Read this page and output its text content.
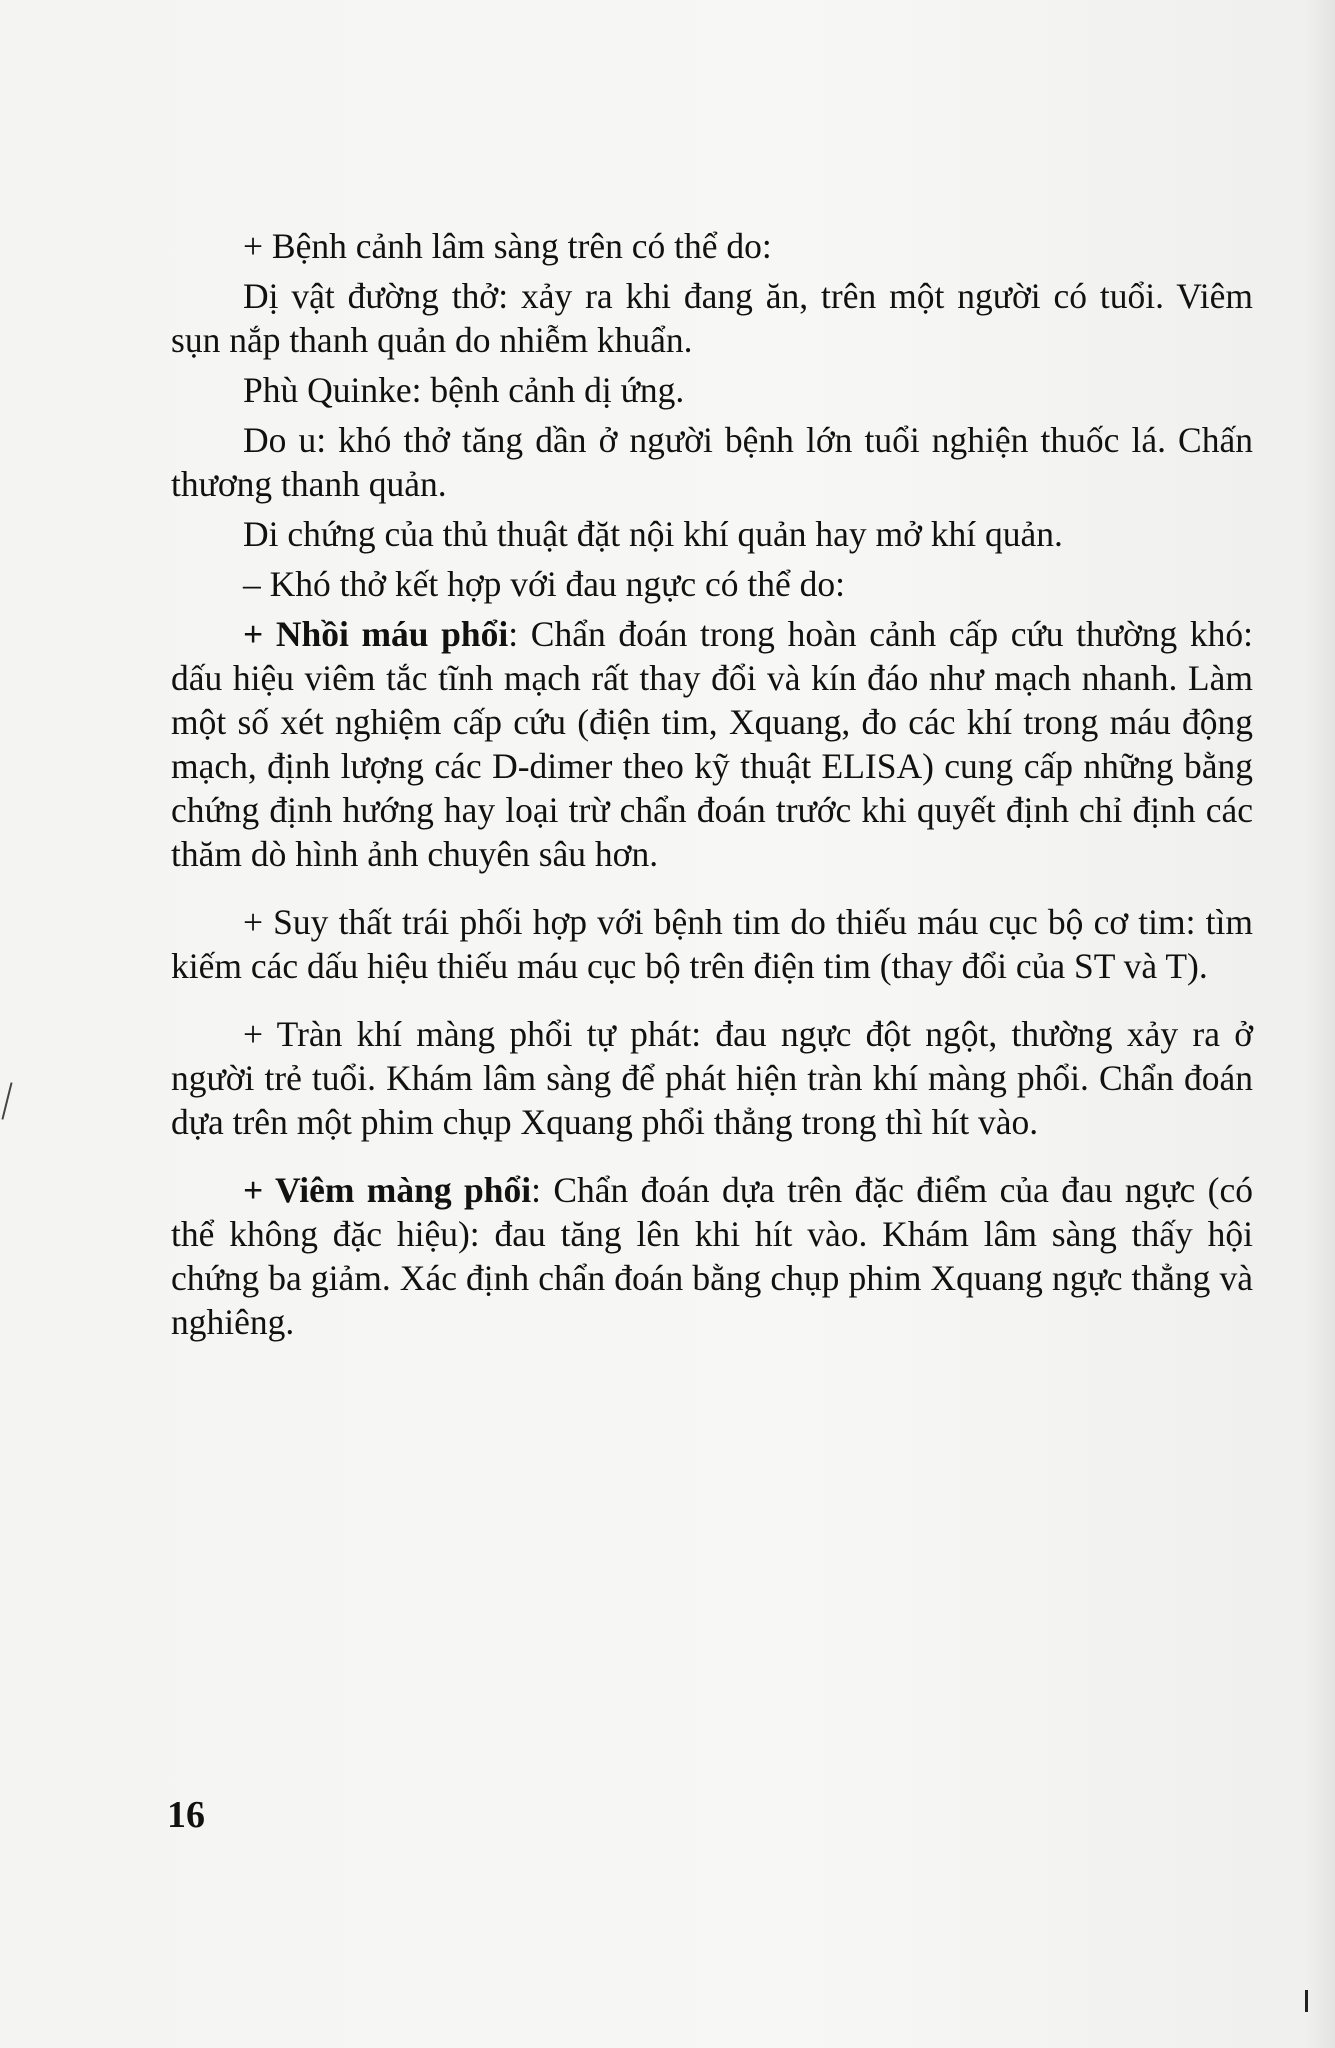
+ Bệnh cảnh lâm sàng trên có thể do:

Dị vật đường thở: xảy ra khi đang ăn, trên một người có tuổi. Viêm sụn nắp thanh quản do nhiễm khuẩn.

Phù Quinke: bệnh cảnh dị ứng.

Do u: khó thở tăng dần ở người bệnh lớn tuổi nghiện thuốc lá. Chấn thương thanh quản.

Di chứng của thủ thuật đặt nội khí quản hay mở khí quản.

– Khó thở kết hợp với đau ngực có thể do:

+ Nhồi máu phổi: Chẩn đoán trong hoàn cảnh cấp cứu thường khó: dấu hiệu viêm tắc tĩnh mạch rất thay đổi và kín đáo như mạch nhanh. Làm một số xét nghiệm cấp cứu (điện tim, Xquang, đo các khí trong máu động mạch, định lượng các D-dimer theo kỹ thuật ELISA) cung cấp những bằng chứng định hướng hay loại trừ chẩn đoán trước khi quyết định chỉ định các thăm dò hình ảnh chuyên sâu hơn.

+ Suy thất trái phối hợp với bệnh tim do thiếu máu cục bộ cơ tim: tìm kiếm các dấu hiệu thiếu máu cục bộ trên điện tim (thay đổi của ST và T).

+ Tràn khí màng phổi tự phát: đau ngực đột ngột, thường xảy ra ở người trẻ tuổi. Khám lâm sàng để phát hiện tràn khí màng phổi. Chẩn đoán dựa trên một phim chụp Xquang phổi thẳng trong thì hít vào.

+ Viêm màng phổi: Chẩn đoán dựa trên đặc điểm của đau ngực (có thể không đặc hiệu): đau tăng lên khi hít vào. Khám lâm sàng thấy hội chứng ba giảm. Xác định chẩn đoán bằng chụp phim Xquang ngực thẳng và nghiêng.

16
